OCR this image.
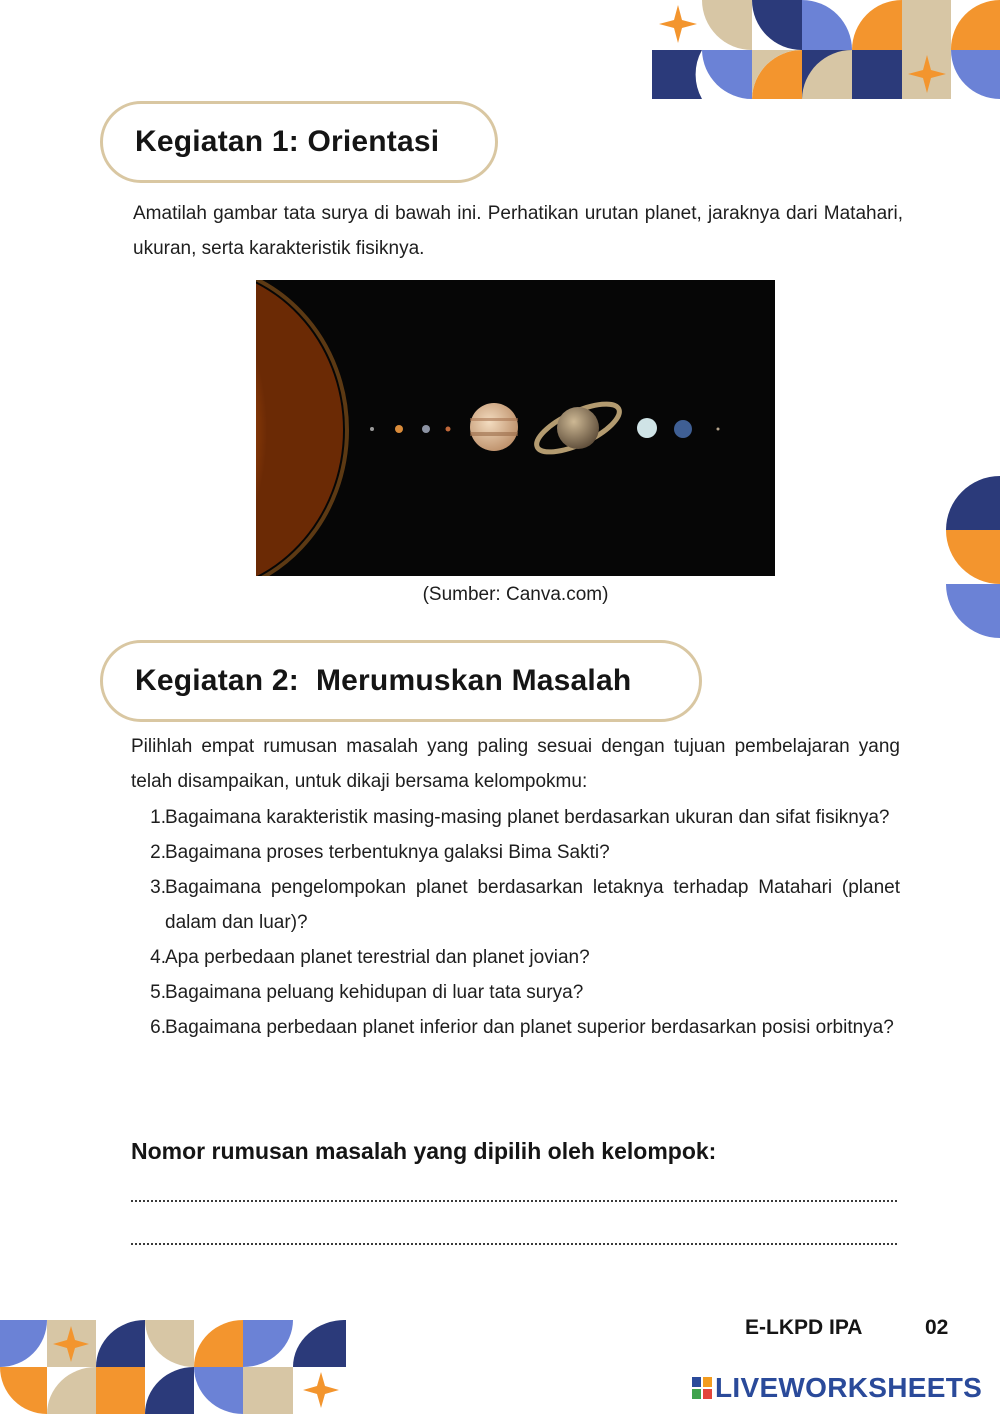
Kegiatan 1: Orientasi

Amatilah gambar tata surya di bawah ini. Perhatikan urutan planet, jaraknya dari Matahari, ukuran, serta karakteristik fisiknya.

(Sumber: Canva.com)

Kegiatan 2:  Merumuskan Masalah

Pilihlah empat rumusan masalah yang paling sesuai dengan tujuan pembelajaran yang telah disampaikan, untuk dikaji bersama kelompokmu:

1. Bagaimana karakteristik masing-masing planet berdasarkan ukuran dan sifat fisiknya?
2. Bagaimana proses terbentuknya galaksi Bima Sakti?
3. Bagaimana pengelompokan planet berdasarkan letaknya terhadap Matahari (planet dalam dan luar)?
4. Apa perbedaan planet terestrial dan planet jovian?
5. Bagaimana peluang kehidupan di luar tata surya?
6. Bagaimana perbedaan planet inferior dan planet superior berdasarkan posisi orbitnya?

Nomor rumusan masalah yang dipilih oleh kelompok:

E-LKPD IPA	02
LIVEWORKSHEETS
